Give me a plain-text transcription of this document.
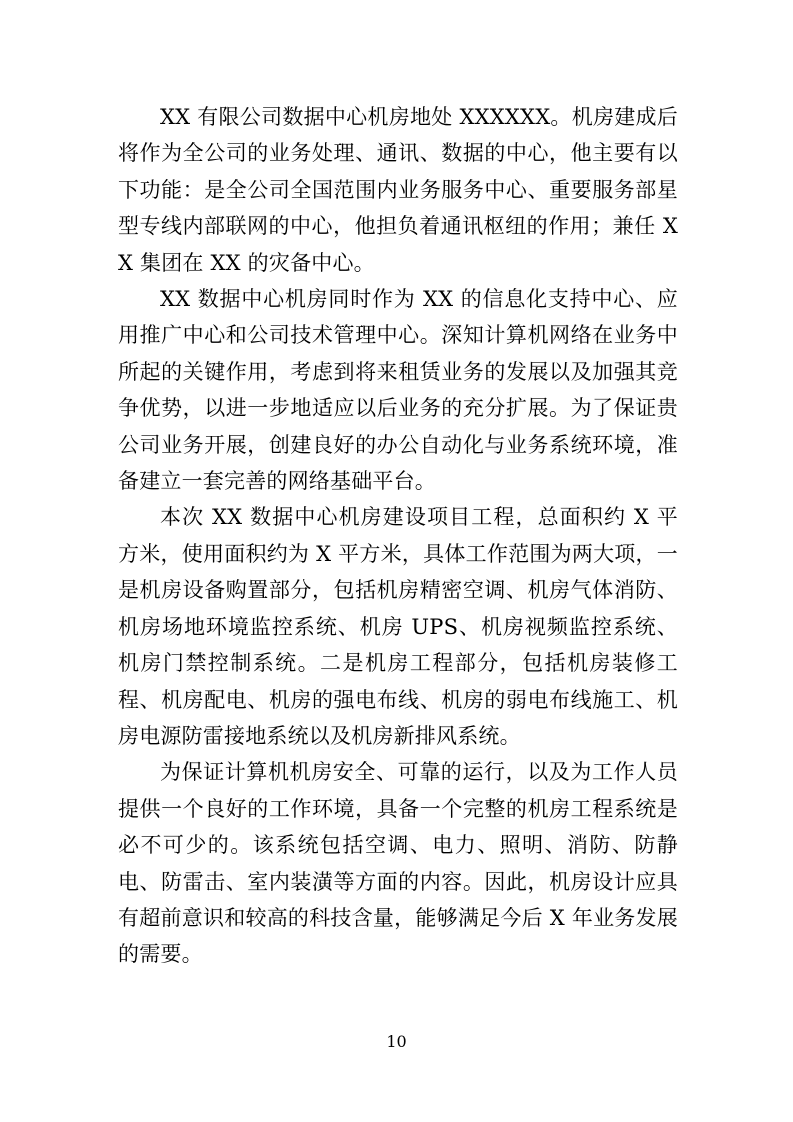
XX 有限公司数据中心机房地处 XXXXXX。机房建成后将作为全公司的业务处理、通讯、数据的中心，他主要有以下功能：是全公司全国范围内业务服务中心、重要服务部星型专线内部联网的中心，他担负着通讯枢纽的作用；兼任 XX 集团在 XX 的灾备中心。

XX 数据中心机房同时作为 XX 的信息化支持中心、应用推广中心和公司技术管理中心。深知计算机网络在业务中所起的关键作用，考虑到将来租赁业务的发展以及加强其竞争优势，以进一步地适应以后业务的充分扩展。为了保证贵公司业务开展，创建良好的办公自动化与业务系统环境，准备建立一套完善的网络基础平台。

本次 XX 数据中心机房建设项目工程，总面积约 X 平方米，使用面积约为 X 平方米，具体工作范围为两大项，一是机房设备购置部分，包括机房精密空调、机房气体消防、机房场地环境监控系统、机房 UPS、机房视频监控系统、机房门禁控制系统。二是机房工程部分，包括机房装修工程、机房配电、机房的强电布线、机房的弱电布线施工、机房电源防雷接地系统以及机房新排风系统。

为保证计算机机房安全、可靠的运行，以及为工作人员提供一个良好的工作环境，具备一个完整的机房工程系统是必不可少的。该系统包括空调、电力、照明、消防、防静电、防雷击、室内装潢等方面的内容。因此，机房设计应具有超前意识和较高的科技含量，能够满足今后 X 年业务发展的需要。

10
